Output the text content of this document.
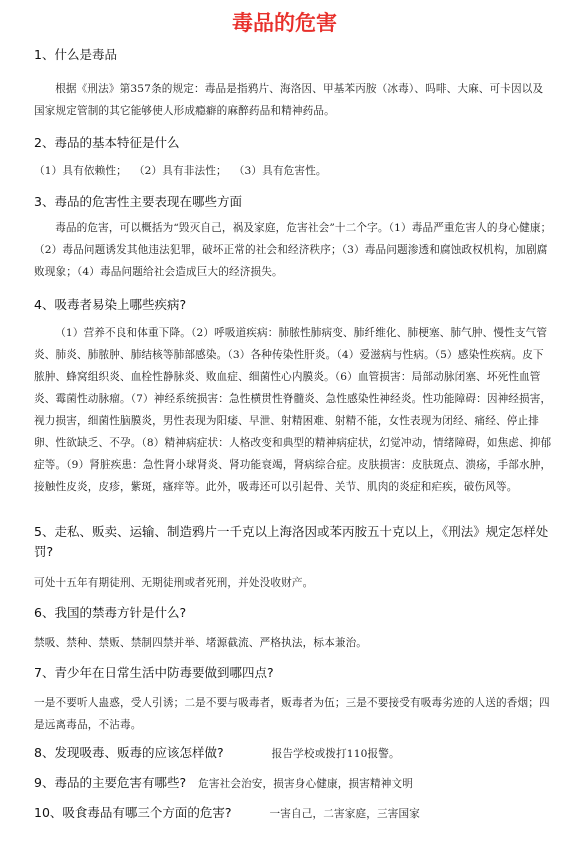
毒品的危害

1、什么是毒品

根据《刑法》第357条的规定：毒品是指鸦片、海洛因、甲基苯丙胺（冰毒）、吗啡、大麻、可卡因以及国家规定管制的其它能够使人形成瘾癖的麻醉药品和精神药品。

2、毒品的基本特征是什么

（1）具有依赖性；  （2）具有非法性；  （3）具有危害性。

3、毒品的危害性主要表现在哪些方面

毒品的危害，可以概括为“毁灭自己，祸及家庭，危害社会”十二个字。（1）毒品严重危害人的身心健康；（2）毒品问题诱发其他违法犯罪，破坏正常的社会和经济秩序；（3）毒品问题渗透和腐蚀政权机构，加剧腐败现象；（4）毒品问题给社会造成巨大的经济损失。

4、吸毒者易染上哪些疾病?

（1）营养不良和体重下降。（2）呼吸道疾病：肺脓性肺病变、肺纤维化、肺梗塞、肺气肿、慢性支气管炎、肺炎、肺脓肿、肺结核等肺部感染。（3）各种传染性肝炎。（4）爱滋病与性病。（5）感染性疾病。皮下脓肿、蜂窝组织炎、血栓性静脉炎、败血症、细菌性心内膜炎。（6）血管损害：局部动脉闭塞、坏死性血管炎、霉菌性动脉瘤。（7）神经系统损害：急性横贯性脊髓炎、急性感染性神经炎。性功能障碍：因神经损害，视力损害，细菌性脑膜炎，男性表现为阳痿、早泄、射精困难、射精不能，女性表现为闭经、痛经、停止排卵、性欲缺乏、不孕。（8）精神病症状：人格改变和典型的精神病症状，幻觉冲动，情绪障碍，如焦虑、抑郁症等。（9）肾脏疾患：急性肾小球肾炎、肾功能衰竭，肾病综合症。皮肤损害：皮肤斑点、溃疡，手部水肿，接触性皮炎，皮疹，紫斑，瘙痒等。此外，吸毒还可以引起骨、关节、肌肉的炎症和疟疾，破伤风等。

5、走私、贩卖、运输、制造鸦片一千克以上海洛因或苯丙胺五十克以上，《刑法》规定怎样处罚?

可处十五年有期徒刑、无期徒刑或者死刑，并处没收财产。

6、我国的禁毒方针是什么?

禁吸、禁种、禁贩、禁制四禁并举、堵源截流、严格执法，标本兼治。

7、青少年在日常生活中防毒要做到哪四点?

一是不要听人蛊惑，受人引诱；二是不要与吸毒者，贩毒者为伍；三是不要接受有吸毒劣迹的人送的香烟；四是远离毒品，不沾毒。

8、发现吸毒、贩毒的应该怎样做?	报告学校或拨打110报警。

9、毒品的主要危害有哪些? 危害社会治安，损害身心健康，损害精神文明

10、吸食毒品有哪三个方面的危害?	一害自己，二害家庭，三害国家
